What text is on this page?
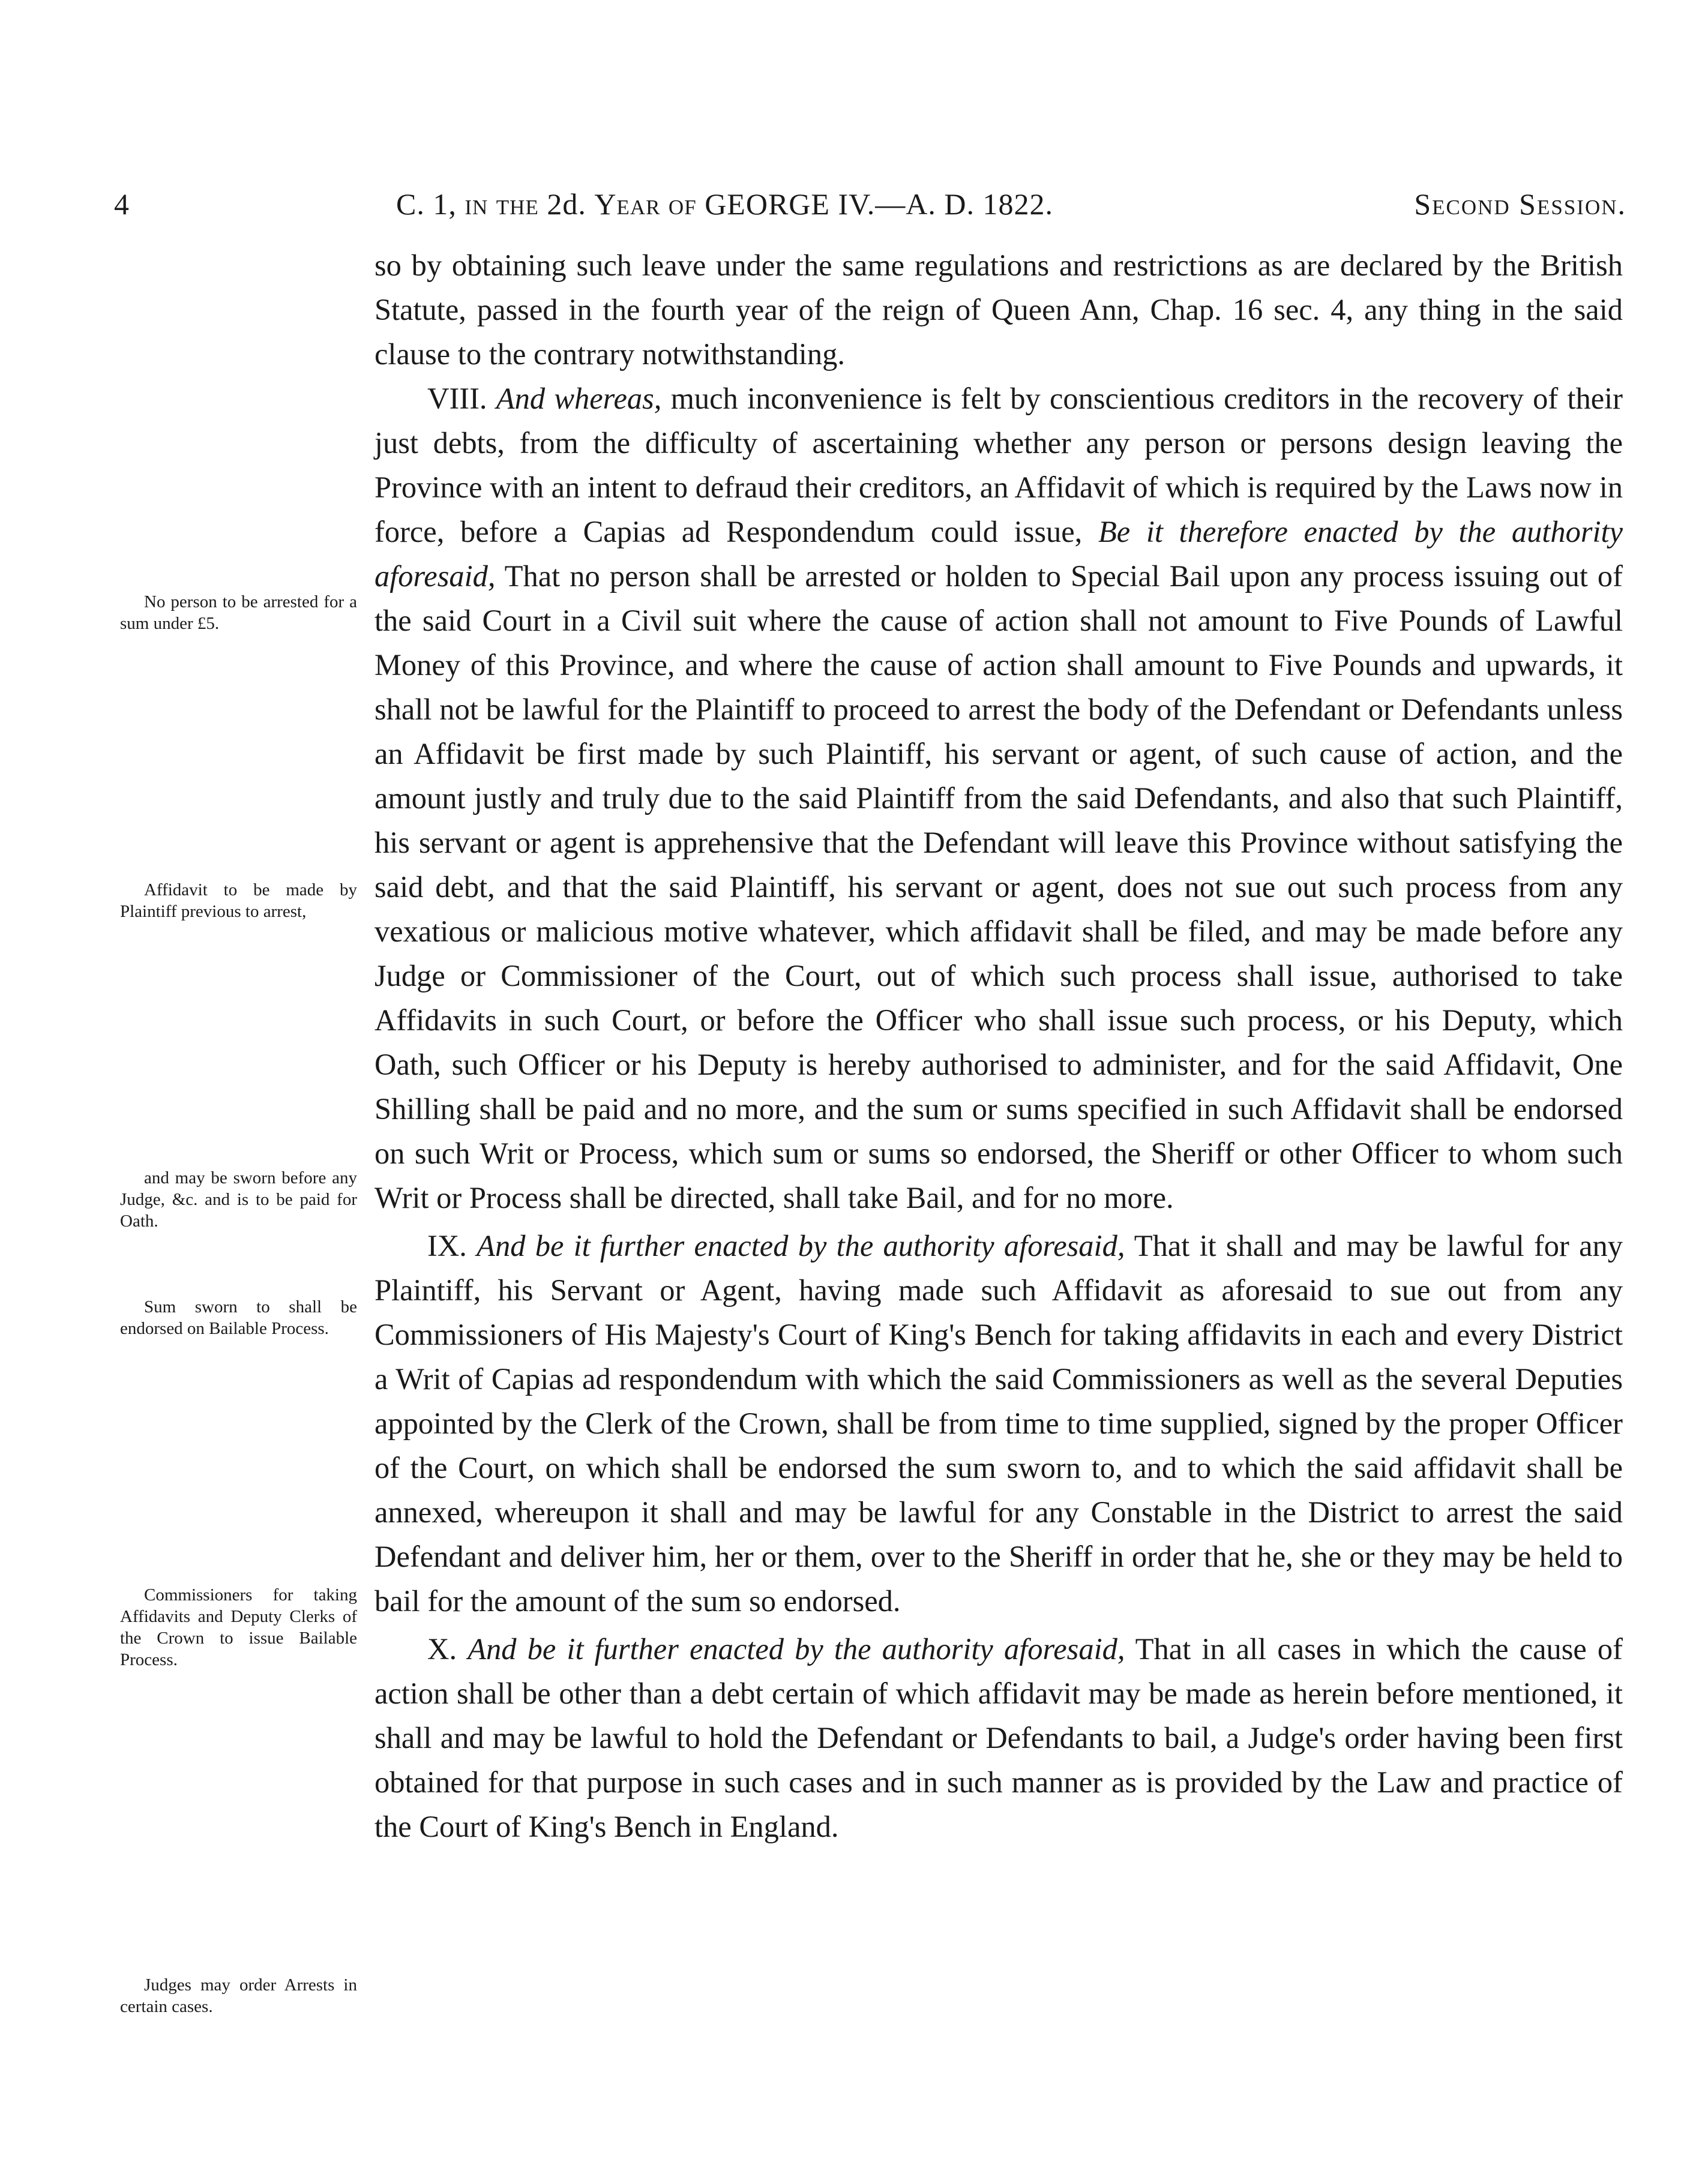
4	C. 1, in the 2d. Year of GEORGE IV.—A. D. 1822.	Second Session.
No person to be arrested for a sum under £5.
Affidavit to be made by Plaintiff previous to arrest,
and may be sworn before any Judge, &c. and is to be paid for Oath.
Sum sworn to shall be endorsed on Bailable Process.
Commissioners for taking Affidavits and Deputy Clerks of the Crown to issue Bailable Process.
Judges may order Arrests in certain cases.

so by obtaining such leave under the same regulations and restrictions as are declared by the British Statute, passed in the fourth year of the reign of Queen Ann, Chap. 16 sec. 4, any thing in the said clause to the contrary notwithstanding.

VIII. And whereas, much inconvenience is felt by conscientious creditors in the recovery of their just debts, from the difficulty of ascertaining whether any person or persons design leaving the Province with an intent to defraud their creditors, an Affidavit of which is required by the Laws now in force, before a Capias ad Respondendum could issue, Be it therefore enacted by the authority aforesaid, That no person shall be arrested or holden to Special Bail upon any process issuing out of the said Court in a Civil suit where the cause of action shall not amount to Five Pounds of Lawful Money of this Province, and where the cause of action shall amount to Five Pounds and upwards, it shall not be lawful for the Plaintiff to proceed to arrest the body of the Defendant or Defendants unless an Affidavit be first made by such Plaintiff, his servant or agent, of such cause of action, and the amount justly and truly due to the said Plaintiff from the said Defendants, and also that such Plaintiff, his servant or agent is apprehensive that the Defendant will leave this Province without satisfying the said debt, and that the said Plaintiff, his servant or agent, does not sue out such process from any vexatious or malicious motive whatever, which affidavit shall be filed, and may be made before any Judge or Commissioner of the Court, out of which such process shall issue, authorised to take Affidavits in such Court, or before the Officer who shall issue such process, or his Deputy, which Oath, such Officer or his Deputy is hereby authorised to administer, and for the said Affidavit, One Shilling shall be paid and no more, and the sum or sums specified in such Affidavit shall be endorsed on such Writ or Process, which sum or sums so endorsed, the Sheriff or other Officer to whom such Writ or Process shall be directed, shall take Bail, and for no more.

IX. And be it further enacted by the authority aforesaid, That it shall and may be lawful for any Plaintiff, his Servant or Agent, having made such Affidavit as aforesaid to sue out from any Commissioners of His Majesty's Court of King's Bench for taking affidavits in each and every District a Writ of Capias ad respondendum with which the said Commissioners as well as the several Deputies appointed by the Clerk of the Crown, shall be from time to time supplied, signed by the proper Officer of the Court, on which shall be endorsed the sum sworn to, and to which the said affidavit shall be annexed, whereupon it shall and may be lawful for any Constable in the District to arrest the said Defendant and deliver him, her or them, over to the Sheriff in order that he, she or they may be held to bail for the amount of the sum so endorsed.

X. And be it further enacted by the authority aforesaid, That in all cases in which the cause of action shall be other than a debt certain of which affidavit may be made as herein before mentioned, it shall and may be lawful to hold the Defendant or Defendants to bail, a Judge's order having been first obtained for that purpose in such cases and in such manner as is provided by the Law and practice of the Court of King's Bench in England.
